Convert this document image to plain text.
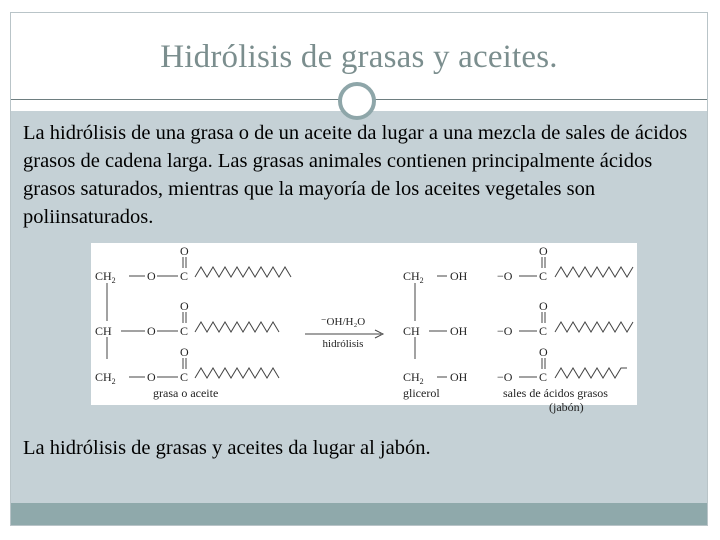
Hidrólisis de grasas y aceites.

La hidrólisis de una grasa o de un aceite da lugar a una mezcla de sales de ácidos grasos de cadena larga. Las grasas animales contienen principalmente ácidos grasos saturados, mientras que la mayoría de los aceites vegetales son poliinsaturados.

$CH_2$
CH
$CH_2$
O
O
O
C
C
C
O
O
O
grasa o aceite
⁻OH/H₂O
hidrólisis
$CH_2$
CH
$CH_2$
OH
OH
OH
glicerol
−O
−O
−O
C
C
C
O
O
O
sales de ácidos grasos
(jabón)

La hidrólisis de grasas y aceites da lugar al jabón.
